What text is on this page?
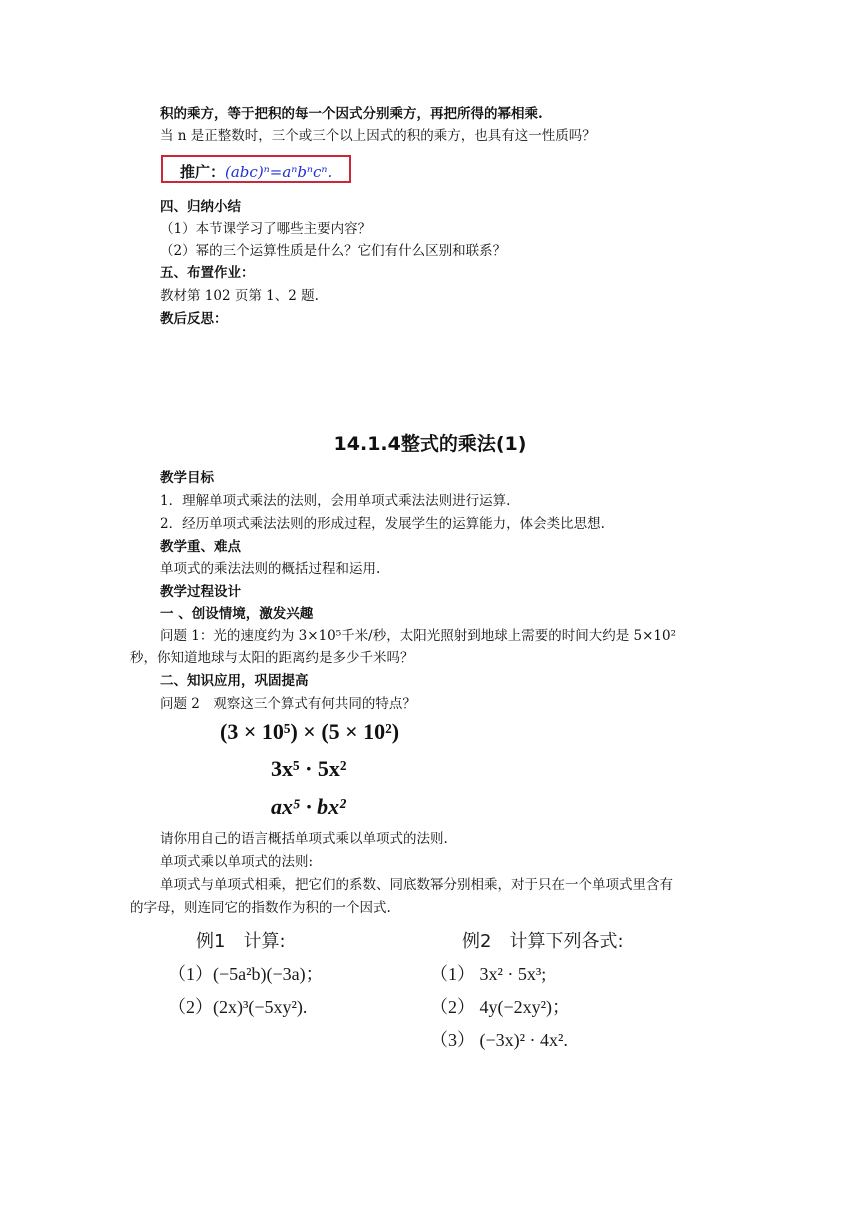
积的乘方，等于把积的每一个因式分别乘方，再把所得的幂相乘.
当 n 是正整数时，三个或三个以上因式的积的乘方，也具有这一性质吗？
推广：(abc)ⁿ=aⁿbⁿcⁿ.
四、归纳小结
（1）本节课学习了哪些主要内容？
（2）幂的三个运算性质是什么？它们有什么区别和联系？
五、布置作业：
教材第 102 页第 1、2 题.
教后反思：
14.1.4整式的乘法(1)
教学目标
1．理解单项式乘法的法则，会用单项式乘法法则进行运算.
2．经历单项式乘法法则的形成过程，发展学生的运算能力，体会类比思想.
教学重、难点
单项式的乘法法则的概括过程和运用.
教学过程设计
一 、创设情境，激发兴趣
问题 1：光的速度约为 3×10⁵千米/秒，太阳光照射到地球上需要的时间大约是 5×10²
秒，你知道地球与太阳的距离约是多少千米吗？
二、知识应用，巩固提高
问题 2　观察这三个算式有何共同的特点？
(3 × 10⁵) × (5 × 10²)
3x⁵ · 5x²
ax⁵ · bx²
请你用自己的语言概括单项式乘以单项式的法则.
单项式乘以单项式的法则:
单项式与单项式相乘，把它们的系数、同底数幂分别相乘，对于只在一个单项式里含有
的字母，则连同它的指数作为积的一个因式.
例1　计算:
（1）(−5a²b)(−3a)；
（2）(2x)³(−5xy²).
例2　计算下列各式:
（1） 3x² · 5x³;
（2） 4y(−2xy²)；
（3） (−3x)² · 4x².
